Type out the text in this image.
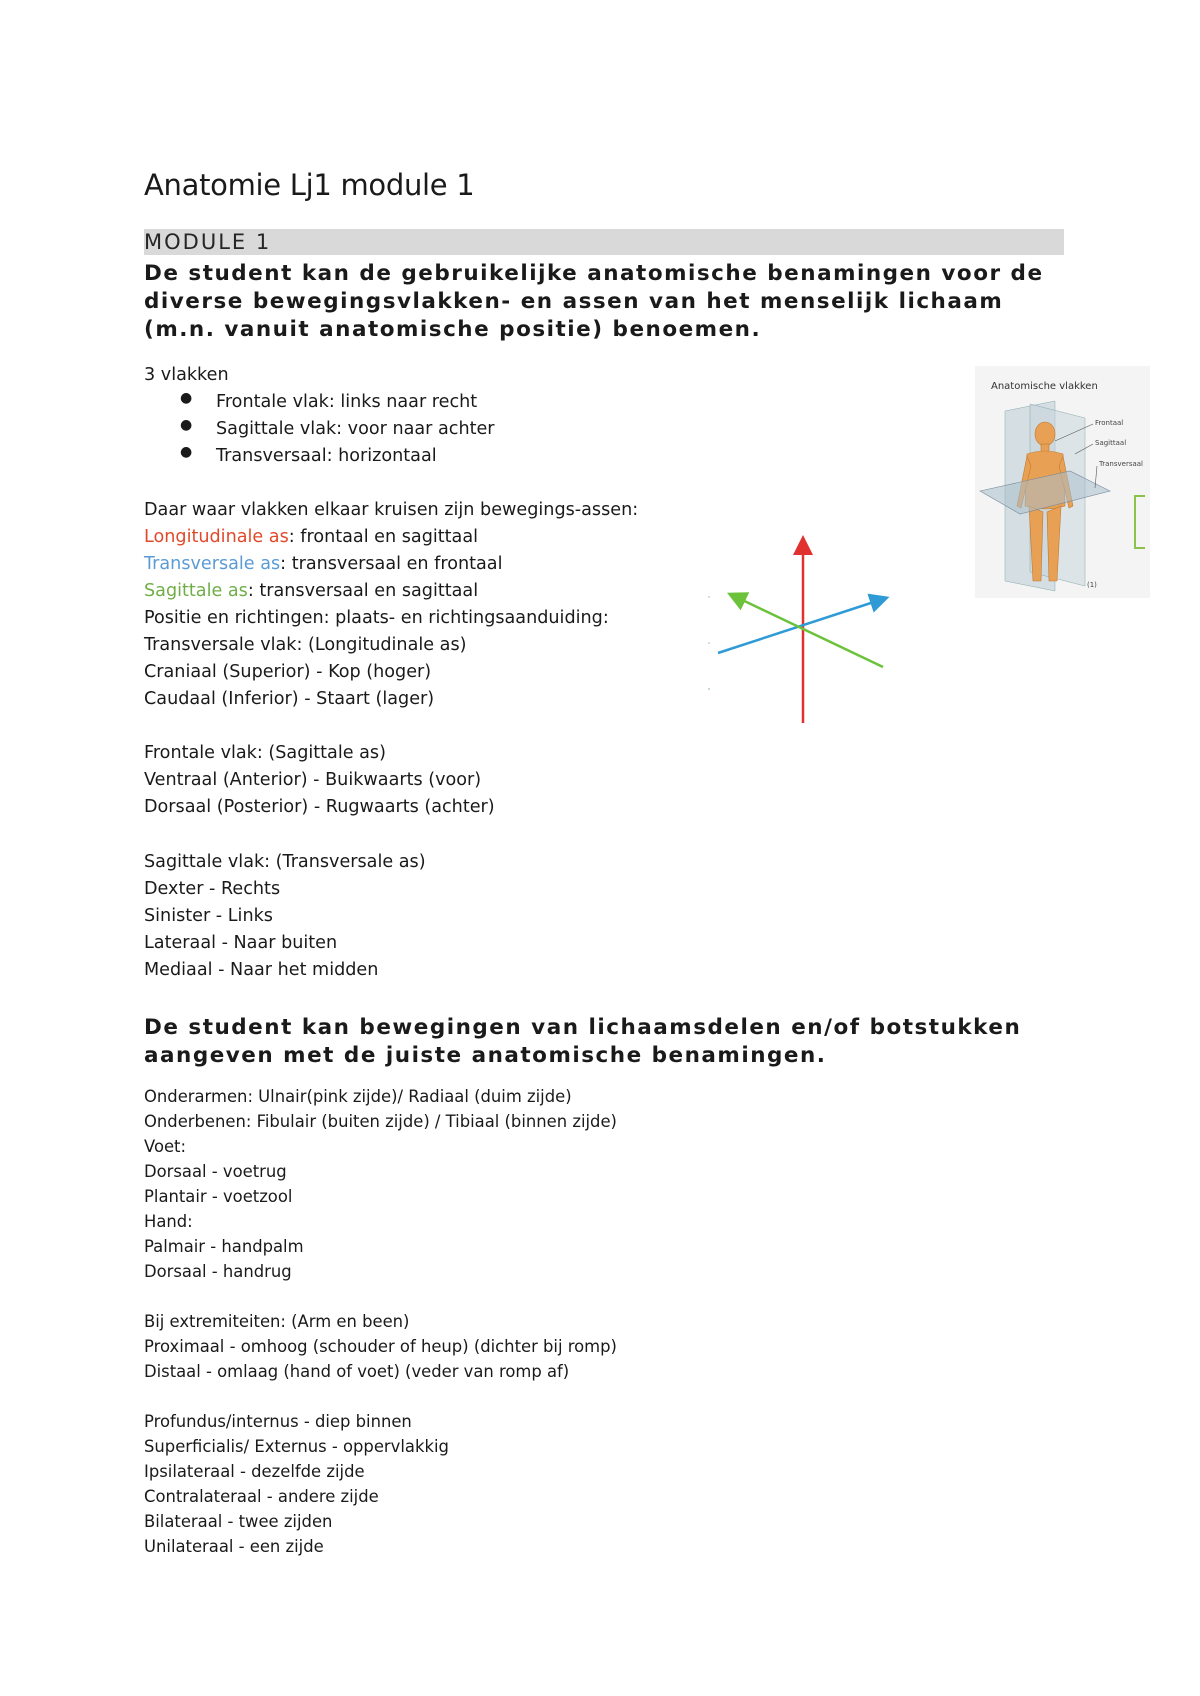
Anatomie Lj1 module 1
MODULE 1
De student kan de gebruikelijke anatomische benamingen voor de diverse bewegingsvlakken- en assen van het menselijk lichaam (m.n. vanuit anatomische positie) benoemen.
3 vlakken
● Frontale vlak: links naar recht
● Sagittale vlak: voor naar achter
● Transversaal: horizontaal
Daar waar vlakken elkaar kruisen zijn bewegings-assen:
Longitudinale as: frontaal en sagittaal
Transversale as: transversaal en frontaal
Sagittale as: transversaal en sagittaal
Positie en richtingen: plaats- en richtingsaanduiding:
Transversale vlak: (Longitudinale as)
Craniaal (Superior) - Kop (hoger)
Caudaal (Inferior) - Staart (lager)
Frontale vlak: (Sagittale as)
Ventraal (Anterior) - Buikwaarts (voor)
Dorsaal (Posterior) - Rugwaarts (achter)
Sagittale vlak: (Transversale as)
Dexter - Rechts
Sinister - Links
Lateraal - Naar buiten
Mediaal - Naar het midden
De student kan bewegingen van lichaamsdelen en/of botstukken aangeven met de juiste anatomische benamingen.
Onderarmen: Ulnair(pink zijde)/ Radiaal (duim zijde)
Onderbenen: Fibulair (buiten zijde) / Tibiaal (binnen zijde)
Voet:
Dorsaal - voetrug
Plantair - voetzool
Hand:
Palmair - handpalm
Dorsaal - handrug
Bij extremiteiten: (Arm en been)
Proximaal - omhoog (schouder of heup) (dichter bij romp)
Distaal - omlaag (hand of voet) (veder van romp af)
Profundus/internus - diep binnen
Superficialis/ Externus - oppervlakkig
Ipsilateraal - dezelfde zijde
Contralateraal - andere zijde
Bilateraal - twee zijden
Unilateraal - een zijde
Anatomische vlakken
Frontaal
Sagittaal
Transversaal
(1)
